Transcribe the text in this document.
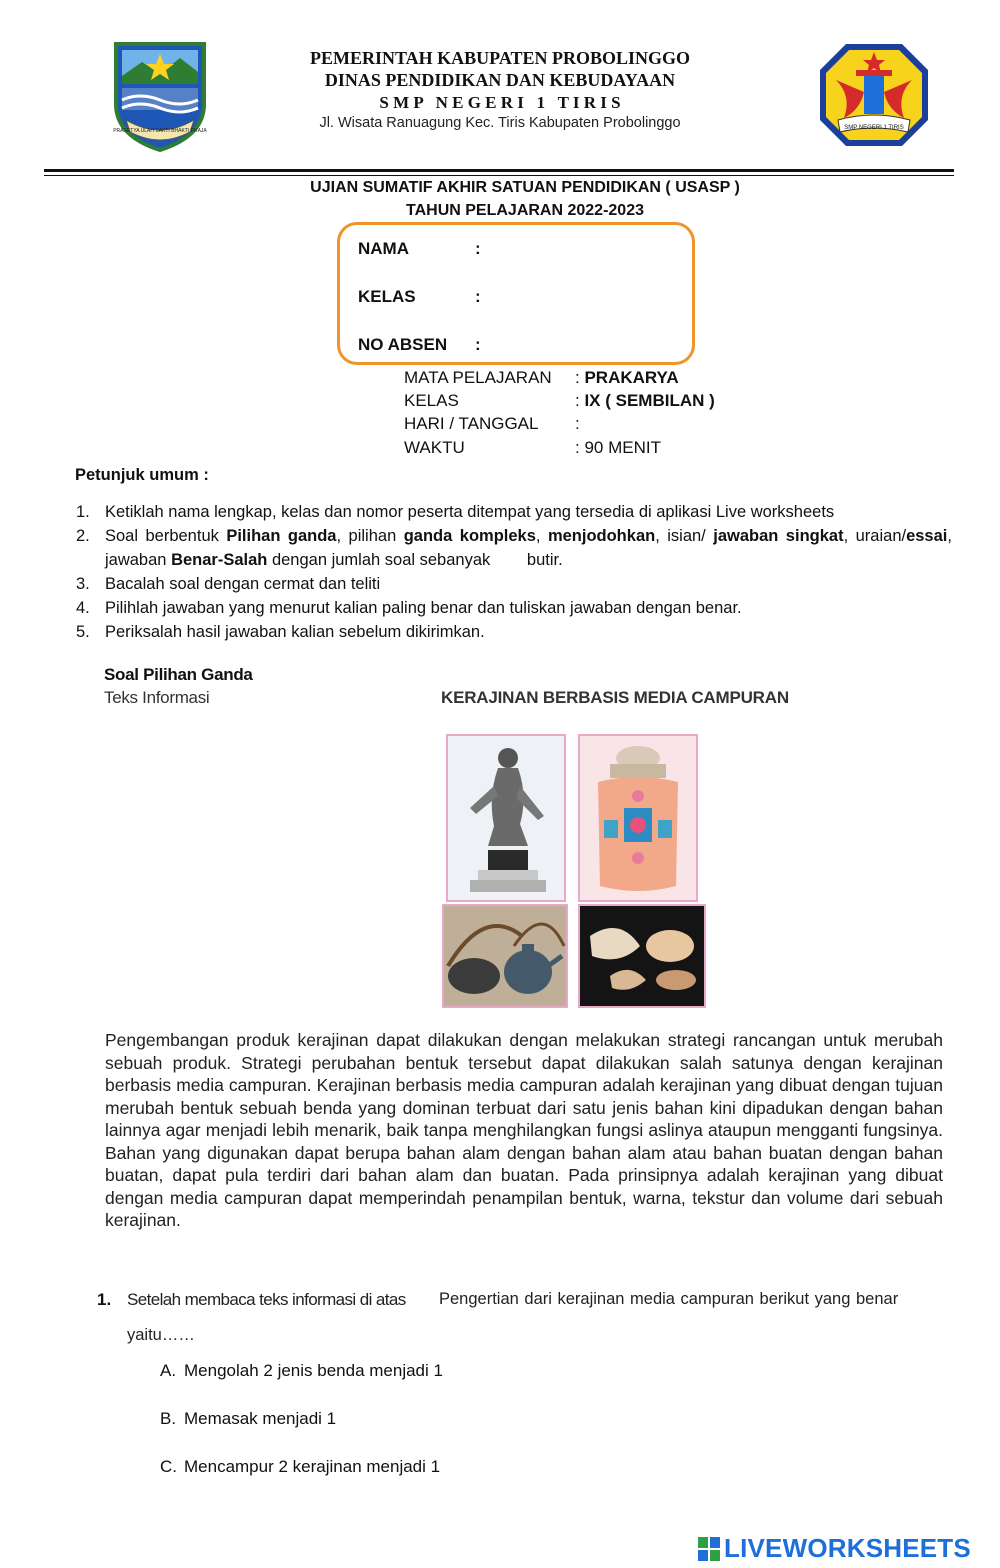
PRASETYA ULAH SAKTI BHAKTI PRAJA	SMP NEGERI 1 TIRIS
PEMERINTAH KABUPATEN PROBOLINGGO
DINAS PENDIDIKAN DAN KEBUDAYAAN
S M P   N E G E R I   1   T I R I S
Jl. Wisata Ranuagung Kec. Tiris Kabupaten Probolinggo
UJIAN SUMATIF AKHIR SATUAN PENDIDIKAN ( USASP )
TAHUN PELAJARAN 2022-2023
NAMA	:
KELAS	:
NO ABSEN :
MATA PELAJARAN : PRAKARYA
KELAS	: IX ( SEMBILAN )
HARI / TANGGAL :
WAKTU	: 90 MENIT
Petunjuk umum :
1. Ketiklah nama lengkap, kelas dan nomor peserta ditempat yang tersedia di aplikasi Live worksheets
2. Soal berbentuk Pilihan ganda, pilihan ganda kompleks, menjodohkan, isian/ jawaban singkat, uraian/essai, jawaban Benar-Salah dengan jumlah soal sebanyak        butir.
3. Bacalah soal dengan cermat dan teliti
4. Pilihlah jawaban yang menurut kalian paling benar dan tuliskan jawaban dengan benar.
5. Periksalah hasil jawaban kalian sebelum dikirimkan.
Soal Pilihan Ganda
Teks Informasi	KERAJINAN BERBASIS MEDIA CAMPURAN
Pengembangan produk kerajinan dapat dilakukan dengan melakukan strategi rancangan untuk merubah sebuah produk. Strategi perubahan bentuk tersebut dapat dilakukan salah satunya dengan kerajinan berbasis media campuran. Kerajinan berbasis media campuran adalah kerajinan yang dibuat dengan tujuan merubah bentuk sebuah benda yang dominan terbuat dari satu jenis bahan kini dipadukan dengan bahan lainnya agar menjadi lebih menarik, baik tanpa menghilangkan fungsi aslinya ataupun mengganti fungsinya. Bahan yang digunakan dapat berupa bahan alam dengan bahan alam atau bahan buatan dengan bahan buatan, dapat pula terdiri dari bahan alam dan buatan. Pada prinsipnya adalah kerajinan yang dibuat dengan media campuran dapat memperindah penampilan bentuk, warna, tekstur dan volume dari sebuah kerajinan.
1. Setelah membaca teks informasi di atas Pengertian dari kerajinan media campuran berikut yang benar
yaitu……
A. Mengolah 2 jenis benda menjadi 1
B. Memasak menjadi 1
C. Mencampur 2 kerajinan menjadi 1
LIVEWORKSHEETS
